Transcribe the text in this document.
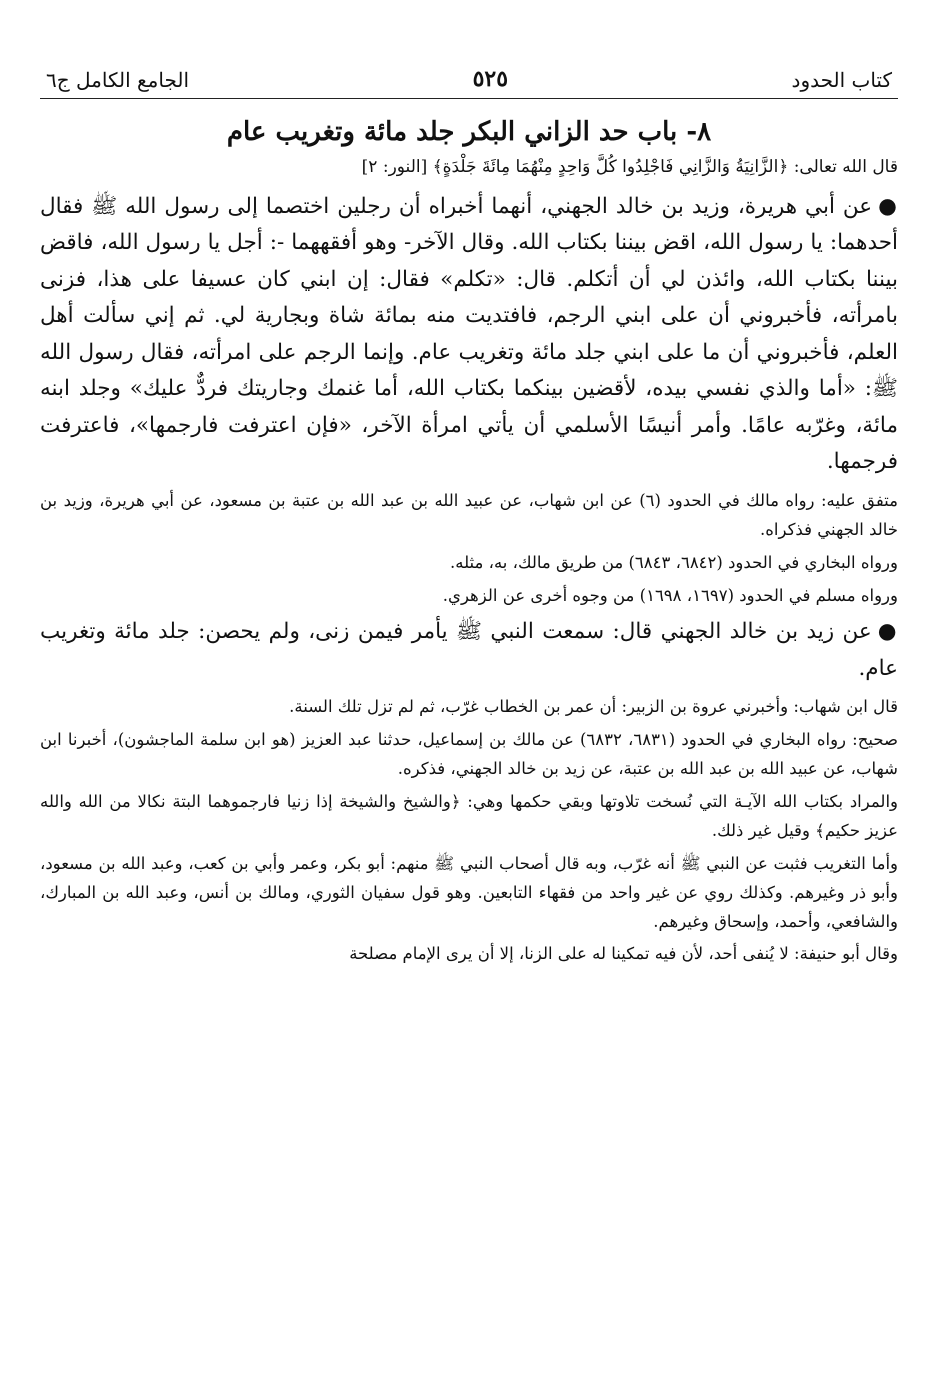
كتاب الحدود
٥٢٥
الجامع الكامل ج٦
٨- باب حد الزاني البكر جلد مائة وتغريب عام
قال الله تعالى: ﴿الزَّانِيَةُ وَالزَّانِي فَاجْلِدُوا كُلَّ وَاحِدٍ مِنْهُمَا مِائَةَ جَلْدَةٍ﴾ [النور: ٢]

●عن أبي هريرة، وزيد بن خالد الجهني، أنهما أخبراه أن رجلين اختصما إلى رسول الله ﷺ فقال أحدهما: يا رسول الله، اقض بيننا بكتاب الله. وقال الآخر- وهو أفقههما -: أجل يا رسول الله، فاقض بيننا بكتاب الله، وائذن لي أن أتكلم. قال: «تكلم» فقال: إن ابني كان عسيفا على هذا، فزنى بامرأته، فأخبروني أن على ابني الرجم، فافتديت منه بمائة شاة وبجارية لي. ثم إني سألت أهل العلم، فأخبروني أن ما على ابني جلد مائة وتغريب عام. وإنما الرجم على امرأته، فقال رسول الله ﷺ: «أما والذي نفسي بيده، لأقضين بينكما بكتاب الله، أما غنمك وجاريتك فردٌّ عليك» وجلد ابنه مائة، وغرّبه عامًا. وأمر أنيسًا الأسلمي أن يأتي امرأة الآخر، «فإن اعترفت فارجمها»، فاعترفت فرجمها.

متفق عليه: رواه مالك في الحدود (٦) عن ابن شهاب، عن عبيد الله بن عبد الله بن عتبة بن مسعود، عن أبي هريرة، وزيد بن خالد الجهني فذكراه.

ورواه البخاري في الحدود (٦٨٤٢، ٦٨٤٣) من طريق مالك، به، مثله.

ورواه مسلم في الحدود (١٦٩٧، ١٦٩٨) من وجوه أخرى عن الزهري.

●عن زيد بن خالد الجهني قال: سمعت النبي ﷺ يأمر فيمن زنى، ولم يحصن: جلد مائة وتغريب عام.

قال ابن شهاب: وأخبرني عروة بن الزبير: أن عمر بن الخطاب غرّب، ثم لم تزل تلك السنة.

صحيح: رواه البخاري في الحدود (٦٨٣١، ٦٨٣٢) عن مالك بن إسماعيل، حدثنا عبد العزيز (هو ابن سلمة الماجشون)، أخبرنا ابن شهاب، عن عبيد الله بن عبد الله بن عتبة، عن زيد بن خالد الجهني، فذكره.

والمراد بكتاب الله الآيـة التي نُسخت تلاوتها وبقي حكمها وهي: ﴿والشيخ والشيخة إذا زنيا فارجموهما البتة نكالا من الله والله عزيز حكيم﴾ وقيل غير ذلك.

وأما التغريب فثبت عن النبي ﷺ أنه غرّب، وبه قال أصحاب النبي ﷺ منهم: أبو بكر، وعمر وأبي بن كعب، وعبد الله بن مسعود، وأبو ذر وغيرهم. وكذلك روي عن غير واحد من فقهاء التابعين. وهو قول سفيان الثوري، ومالك بن أنس، وعبد الله بن المبارك، والشافعي، وأحمد، وإسحاق وغيرهم.

وقال أبو حنيفة: لا يُنفى أحد، لأن فيه تمكينا له على الزنا، إلا أن يرى الإمام مصلحة
